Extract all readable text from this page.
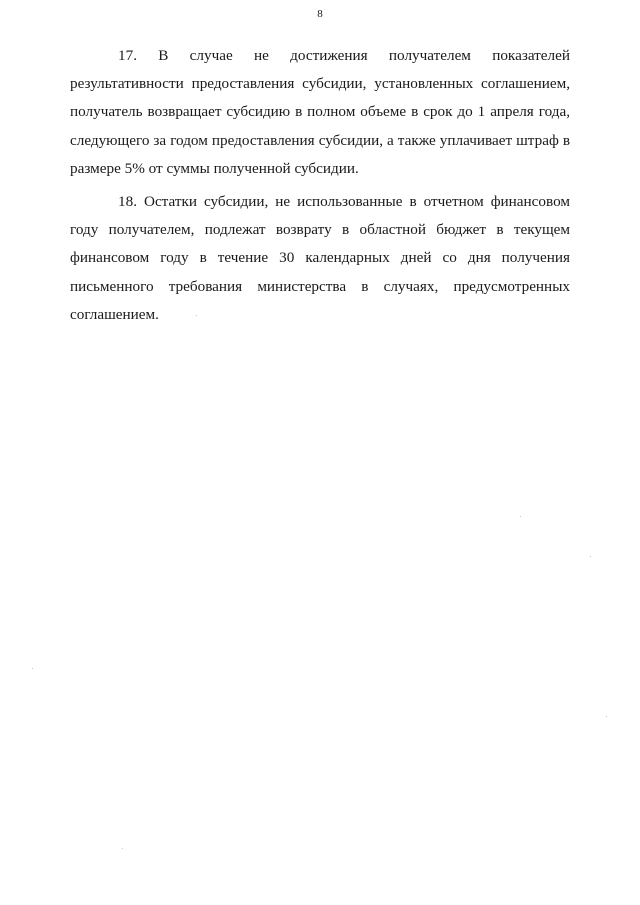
8

17. В случае не достижения получателем показателей результативности предоставления субсидии, установленных соглашением, получатель возвращает субсидию в полном объеме в срок до 1 апреля года, следующего за годом предоставления субсидии, а также уплачивает штраф в размере 5% от суммы полученной субсидии.

18. Остатки субсидии, не использованные в отчетном финансовом году получателем, подлежат возврату в областной бюджет в текущем финансовом году в течение 30 календарных дней со дня получения письменного требования министерства в случаях, предусмотренных соглашением.
